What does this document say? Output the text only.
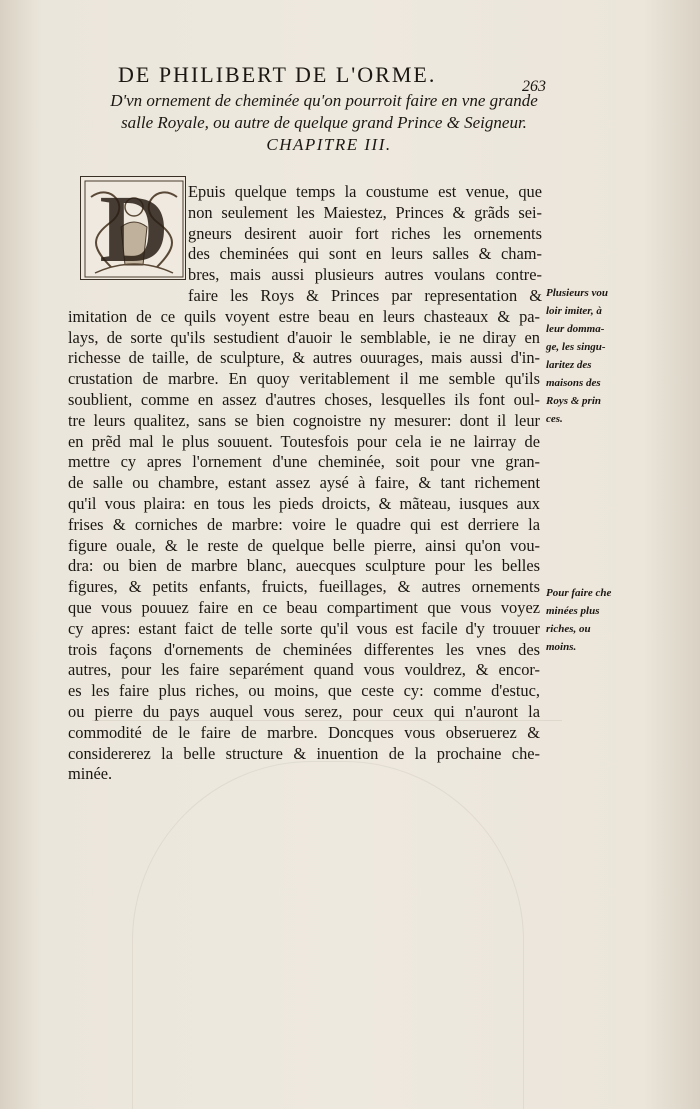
DE PHILIBERT DE L'ORME.	263
D'vn ornement de cheminée qu'on pourroit faire en vne grande salle Royale, ou autre de quelque grand Prince & Seigneur. CHAPITRE III.
D	Epuis quelque temps la coustume est venue, que
non seulement les Maiestez, Princes & grãds sei-
gneurs desirent auoir fort riches les ornements
des cheminées qui sont en leurs salles & cham-
bres, mais aussi plusieurs autres voulans contre-
faire les Roys & Princes par representation &
imitation de ce quils voyent estre beau en leurs chasteaux & pa-
lays, de sorte qu'ils sestudient d'auoir le semblable, ie ne diray en
richesse de taille, de sculpture, & autres ouurages, mais aussi d'in-
crustation de marbre. En quoy veritablement il me semble qu'ils
soublient, comme en assez d'autres choses, lesquelles ils font oul-
tre leurs qualitez, sans se bien cognoistre ny mesurer: dont il leur
en prẽd mal le plus souuent. Toutesfois pour cela ie ne lairray de
mettre cy apres l'ornement d'une cheminée, soit pour vne gran-
de salle ou chambre, estant assez aysé à faire, & tant richement
qu'il vous plaira: en tous les pieds droicts, & mãteau, iusques aux
frises & corniches de marbre: voire le quadre qui est derriere la
figure ouale, & le reste de quelque belle pierre, ainsi qu'on vou-
dra: ou bien de marbre blanc, auecques sculpture pour les belles
figures, & petits enfants, fruicts, fueillages, & autres ornements
que vous pouuez faire en ce beau compartiment que vous voyez
cy apres: estant faict de telle sorte qu'il vous est facile d'y trouuer
trois façons d'ornements de cheminées differentes les vnes des
autres, pour les faire separément quand vous vouldrez, & encor-
es les faire plus riches, ou moins, que ceste cy: comme d'estuc,
ou pierre du pays auquel vous serez, pour ceux qui n'auront la
commodité de le faire de marbre. Doncques vous obseruerez &
considererez la belle structure & inuention de la prochaine che-
minée.
Plusieurs vou
loir imiter, à
leur domma-
ge, les singu-
laritez des
maisons des
Roys & prin
ces.
Pour faire che
minées plus
riches, ou
moins.
